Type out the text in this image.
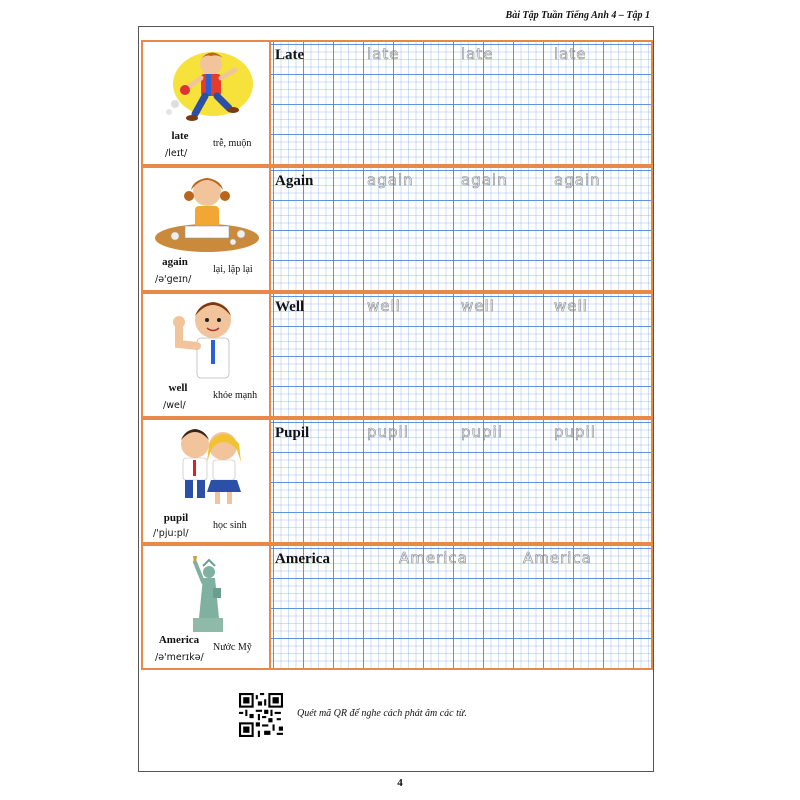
Bài Tập Tuần Tiếng Anh 4 – Tập 1
late
/leɪt/
trễ, muộn
Late	late	late	late
again
/ə'geɪn/
lại, lặp lại
Again	again	again	again
well
/wel/
khỏe mạnh
Well	well	well	well
pupil
/'pju:pl/
học sinh
Pupil	pupil	pupil	pupil
America
/ə'merɪkə/
Nước Mỹ
America	America	America
Quét mã QR để nghe cách phát âm các từ.
4
